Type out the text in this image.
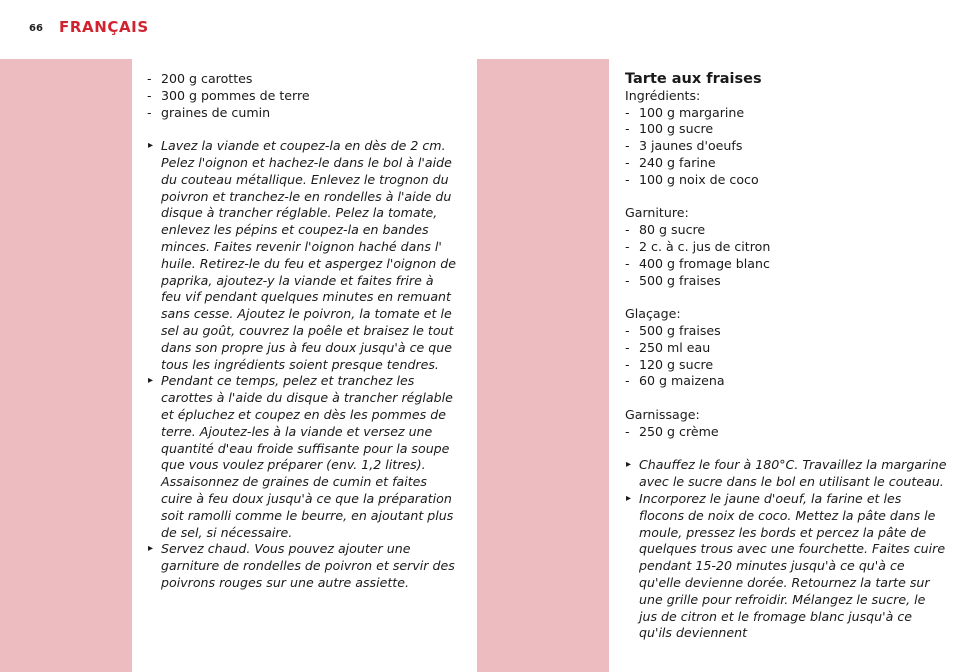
66 FRANÇAIS
- 200 g carottes
- 300 g pommes de terre
- graines de cumin
▸ Lavez la viande et coupez-la en dès de 2 cm. Pelez l'oignon et hachez-le dans le bol à l'aide du couteau métallique. Enlevez le trognon du poivron et tranchez-le en rondelles à l'aide du disque à trancher réglable. Pelez la tomate, enlevez les pépins et coupez-la en bandes minces. Faites revenir l'oignon haché dans l' huile. Retirez-le du feu et aspergez l'oignon de paprika, ajoutez-y la viande et faites frire à feu vif pendant quelques minutes en remuant sans cesse. Ajoutez le poivron, la tomate et le sel au goût, couvrez la poêle et braisez le tout dans son propre jus à feu doux jusqu'à ce que tous les ingrédients soient presque tendres.
▸ Pendant ce temps, pelez et tranchez les carottes à l'aide du disque à trancher réglable et épluchez et coupez en dès les pommes de terre. Ajoutez-les à la viande et versez une quantité d'eau froide suffisante pour la soupe que vous voulez préparer (env. 1,2 litres). Assaisonnez de graines de cumin et faites cuire à feu doux jusqu'à ce que la préparation soit ramolli comme le beurre, en ajoutant plus de sel, si nécessaire.
▸ Servez chaud. Vous pouvez ajouter une garniture de rondelles de poivron et servir des poivrons rouges sur une autre assiette.
Tarte aux fraises
Ingrédients:
- 100 g margarine
- 100 g sucre
- 3 jaunes d'oeufs
- 240 g farine
- 100 g noix de coco
Garniture:
- 80 g sucre
- 2 c. à c. jus de citron
- 400 g fromage blanc
- 500 g fraises
Glaçage:
- 500 g fraises
- 250 ml eau
- 120 g sucre
- 60 g maizena
Garnissage:
- 250 g crème
▸ Chauffez le four à 180°C. Travaillez la margarine avec le sucre dans le bol en utilisant le couteau.
▸ Incorporez le jaune d'oeuf, la farine et les flocons de noix de coco. Mettez la pâte dans le moule, pressez les bords et percez la pâte de quelques trous avec une fourchette. Faites cuire pendant 15-20 minutes jusqu'à ce qu'à ce qu'elle devienne dorée. Retournez la tarte sur une grille pour refroidir. Mélangez le sucre, le jus de citron et le fromage blanc jusqu'à ce qu'ils deviennent
